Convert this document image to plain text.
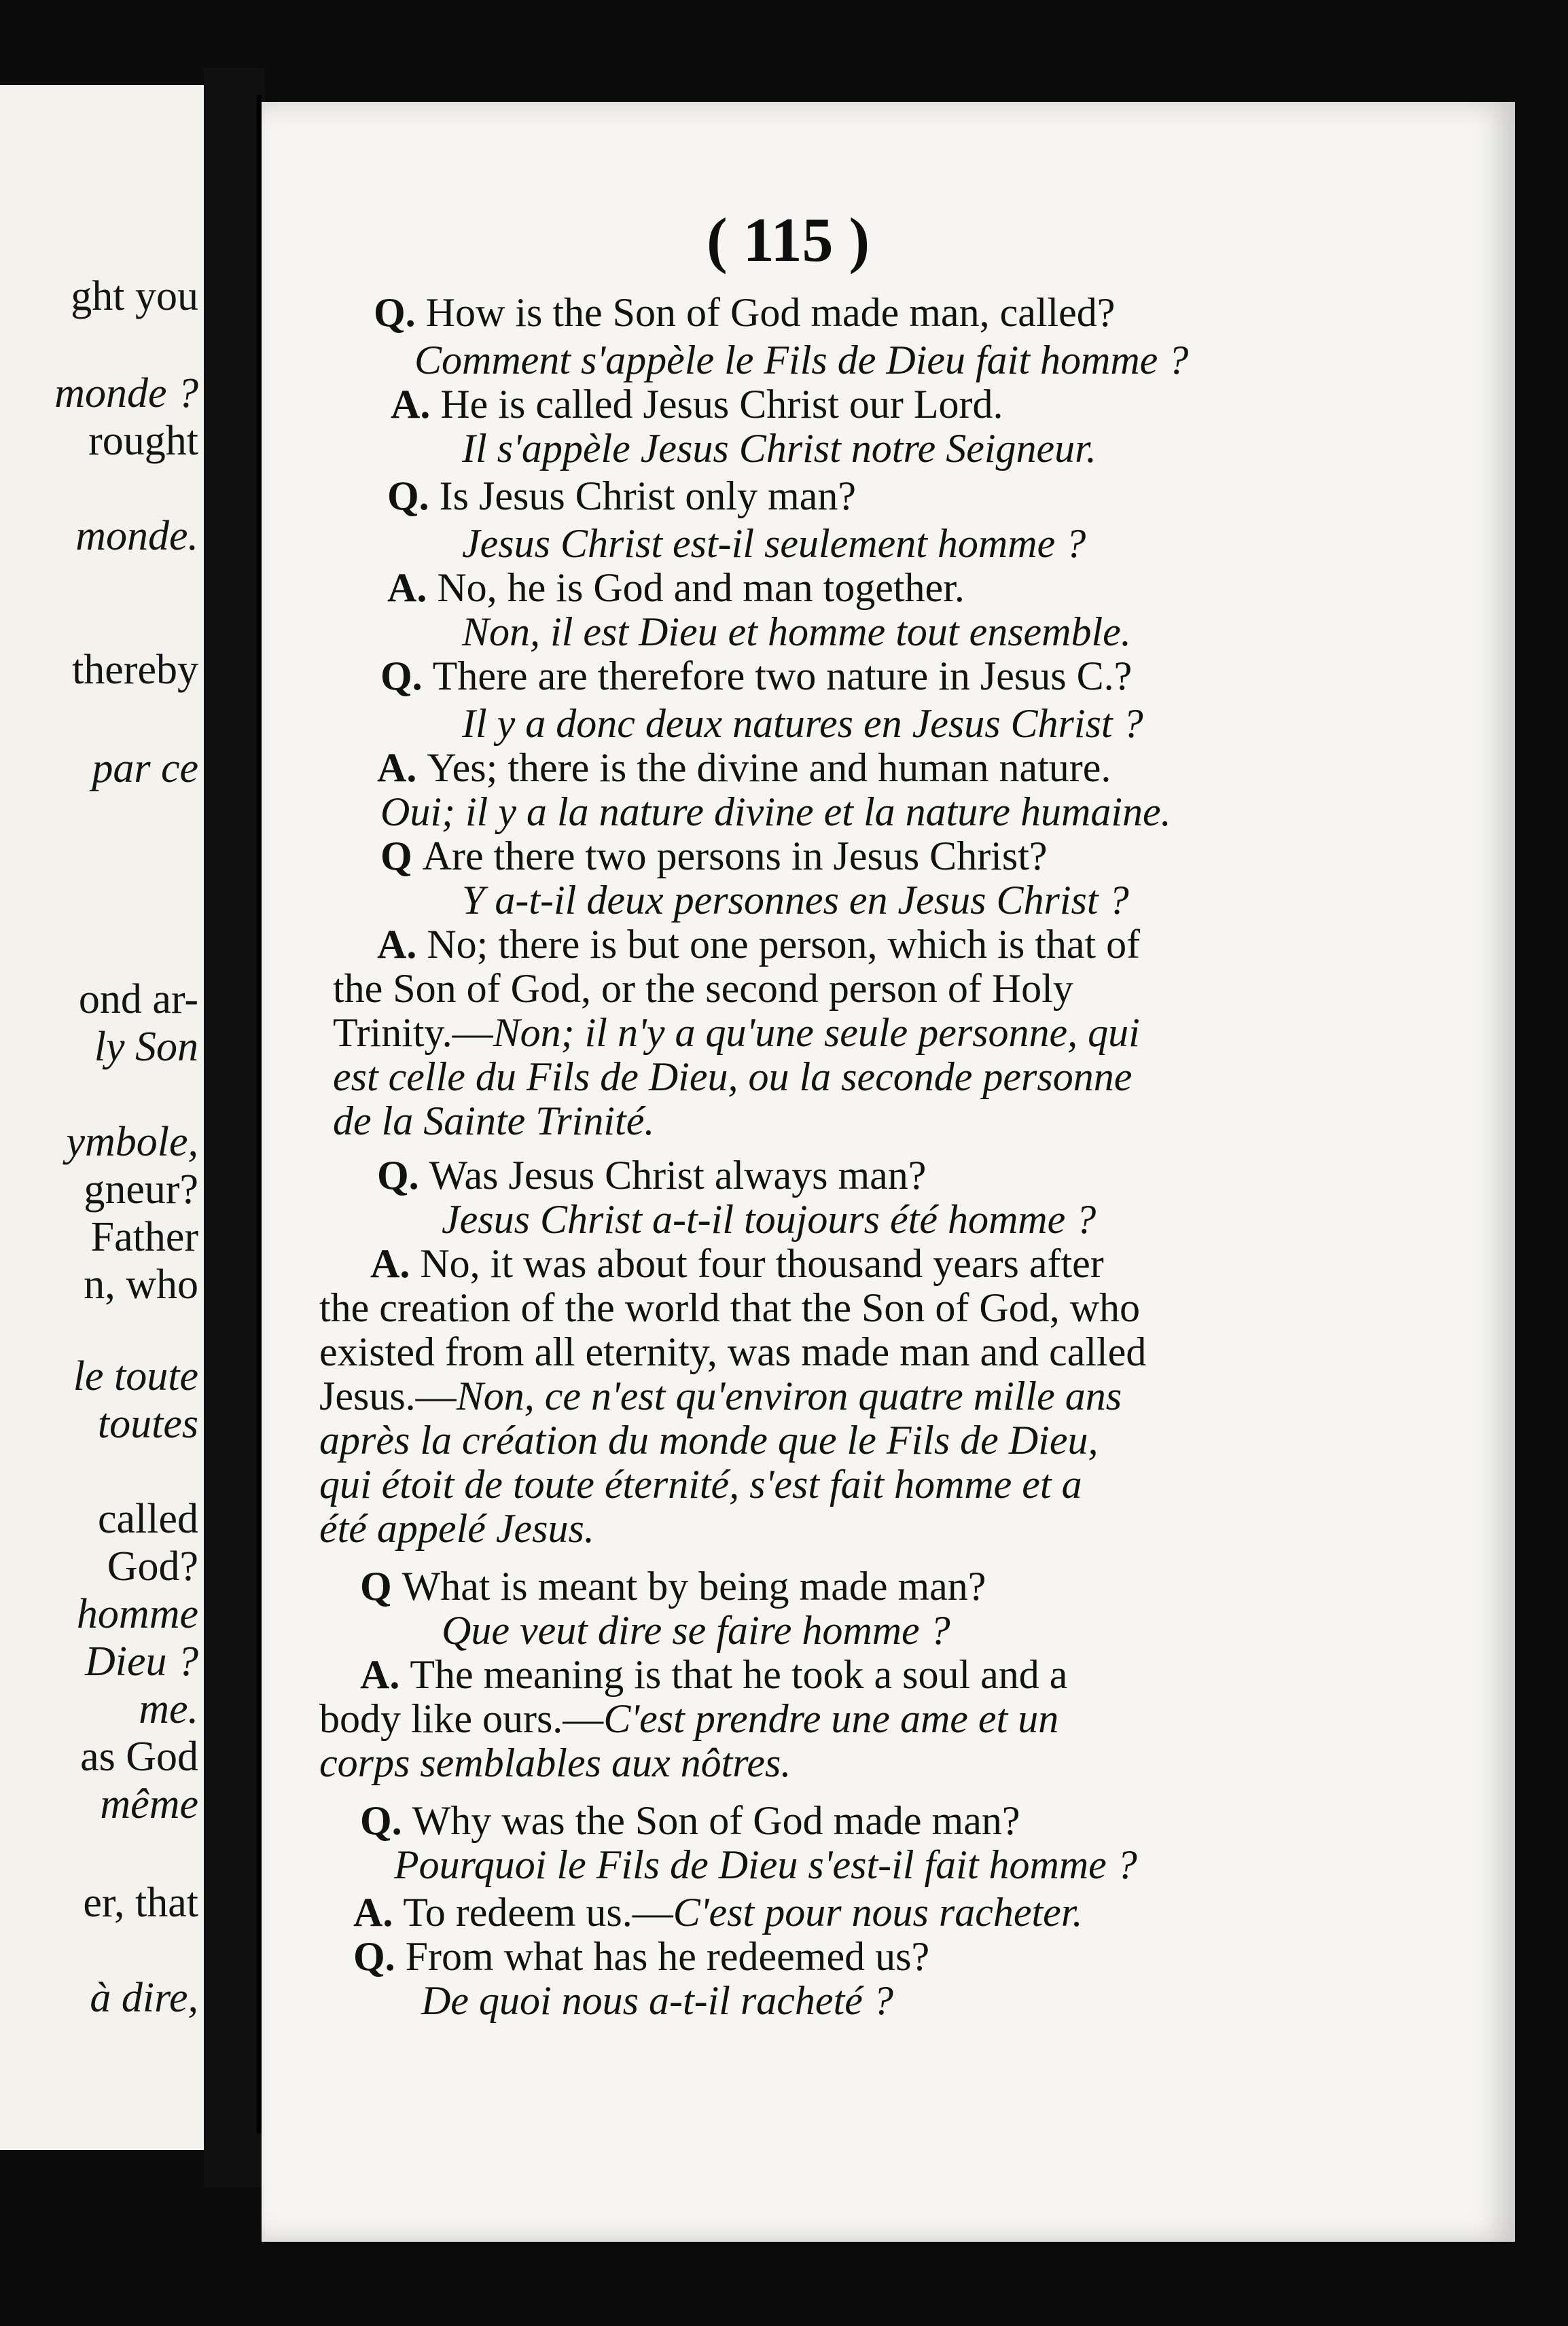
ght you
monde ?
rought
monde.
thereby
par ce
ond ar-
ly Son
ymbole,
gneur?
Father
n, who
le toute
toutes
called
God?
homme
Dieu ?
me.
as God
même
er, that
à dire,
( 115 )
Q. How is the Son of God made man, called?
Comment s'appèle le Fils de Dieu fait homme ?
A. He is called Jesus Christ our Lord.
Il s'appèle Jesus Christ notre Seigneur.
Q. Is Jesus Christ only man?
Jesus Christ est-il seulement homme ?
A. No, he is God and man together.
Non, il est Dieu et homme tout ensemble.
Q. There are therefore two nature in Jesus C.?
Il y a donc deux natures en Jesus Christ ?
A. Yes; there is the divine and human nature.
Oui; il y a la nature divine et la nature humaine.
Q Are there two persons in Jesus Christ?
Y a-t-il deux personnes en Jesus Christ ?
A. No; there is but one person, which is that of
the Son of God, or the second person of Holy
Trinity.—Non; il n'y a qu'une seule personne, qui
est celle du Fils de Dieu, ou la seconde personne
de la Sainte Trinité.
Q. Was Jesus Christ always man?
Jesus Christ a-t-il toujours été homme ?
A. No, it was about four thousand years after
the creation of the world that the Son of God, who
existed from all eternity, was made man and called
Jesus.—Non, ce n'est qu'environ quatre mille ans
après la création du monde que le Fils de Dieu,
qui étoit de toute éternité, s'est fait homme et a
été appelé Jesus.
Q What is meant by being made man?
Que veut dire se faire homme ?
A. The meaning is that he took a soul and a
body like ours.—C'est prendre une ame et un
corps semblables aux nôtres.
Q. Why was the Son of God made man?
Pourquoi le Fils de Dieu s'est-il fait homme ?
A. To redeem us.—C'est pour nous racheter.
Q. From what has he redeemed us?
De quoi nous a-t-il racheté ?
